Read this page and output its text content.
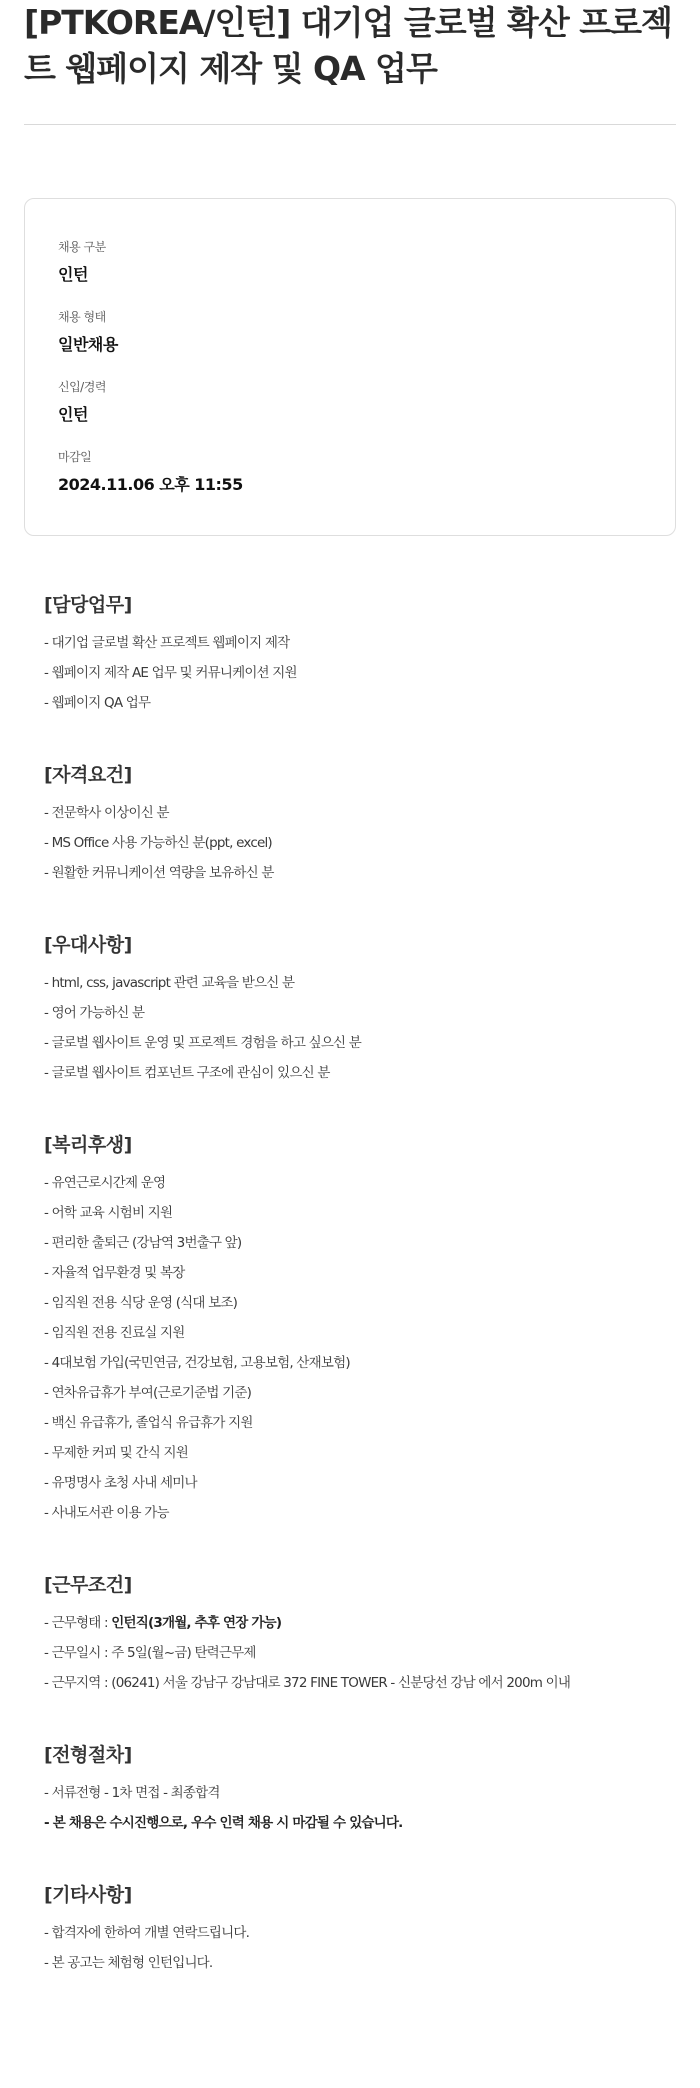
[PTKOREA/인턴] 대기업 글로벌 확산 프로젝트 웹페이지 제작 및 QA 업무
채용 구분
인턴
채용 형태
일반채용
신입/경력
인턴
마감일
2024.11.06 오후 11:55
[담당업무]
- 대기업 글로벌 확산 프로젝트 웹페이지 제작
- 웹페이지 제작 AE 업무 및 커뮤니케이션 지원
- 웹페이지 QA 업무
[자격요건]
- 전문학사 이상이신 분
- MS Office 사용 가능하신 분(ppt, excel)
- 원활한 커뮤니케이션 역량을 보유하신 분
[우대사항]
- html, css, javascript 관련 교육을 받으신 분
- 영어 가능하신 분
- 글로벌 웹사이트 운영 및 프로젝트 경험을 하고 싶으신 분
- 글로벌 웹사이트 컴포넌트 구조에 관심이 있으신 분
[복리후생]
- 유연근로시간제 운영
- 어학 교육 시험비 지원
- 편리한 출퇴근 (강남역 3번출구 앞)
- 자율적 업무환경 및 복장
- 임직원 전용 식당 운영 (식대 보조)
- 임직원 전용 진료실 지원
- 4대보험 가입(국민연금, 건강보험, 고용보험, 산재보험)
- 연차유급휴가 부여(근로기준법 기준)
- 백신 유급휴가, 졸업식 유급휴가 지원
- 무제한 커피 및 간식 지원
- 유명명사 초청 사내 세미나
- 사내도서관 이용 가능
[근무조건]
- 근무형태 : 인턴직(3개월, 추후 연장 가능)
- 근무일시 : 주 5일(월~금) 탄력근무제
- 근무지역 : (06241) 서울 강남구 강남대로 372 FINE TOWER - 신분당선 강남 에서 200m 이내
[전형절차]
- 서류전형 - 1차 면접 - 최종합격
- 본 채용은 수시진행으로, 우수 인력 채용 시 마감될 수 있습니다.
[기타사항]
- 합격자에 한하여 개별 연락드립니다.
- 본 공고는 체험형 인턴입니다.
